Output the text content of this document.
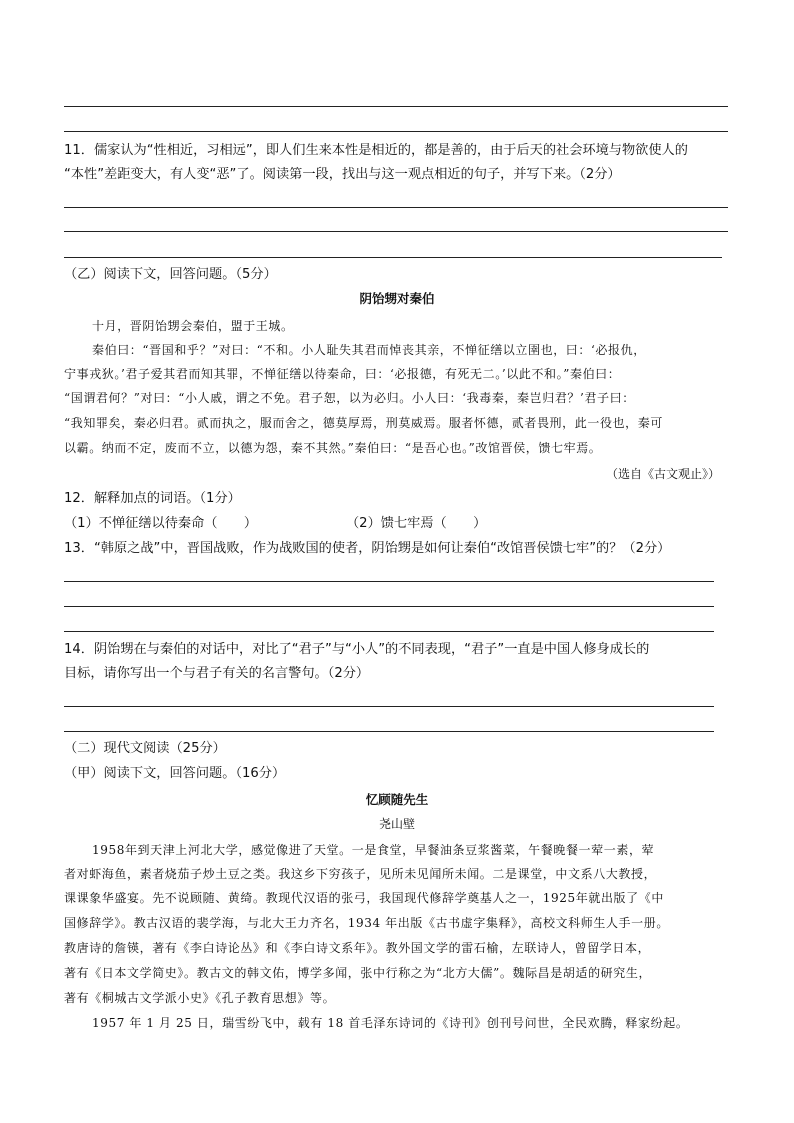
11．儒家认为“性相近，习相远”，即人们生来本性是相近的，都是善的，由于后天的社会环境与物欲使人的
“本性”差距变大，有人变“恶”了。阅读第一段，找出与这一观点相近的句子，并写下来。（2分）
（乙）阅读下文，回答问题。（5分）
阴饴甥对秦伯
十月，晋阴饴甥会秦伯，盟于王城。
秦伯曰：“晋国和乎？”对曰：“不和。小人耻失其君而悼丧其亲，不惮征缮以立圉也，曰：‘必报仇，
宁事戎狄。’君子爱其君而知其罪，不惮征缮以待秦命，曰：‘必报德，有死无二。’以此不和。”秦伯曰：
“国谓君何？”对曰：“小人戚，谓之不免。君子恕，以为必归。小人曰：‘我毒秦，秦岂归君？’君子曰：
“我知罪矣，秦必归君。贰而执之，服而舍之，德莫厚焉，刑莫威焉。服者怀德，贰者畏刑，此一役也，秦可
以霸。纳而不定，废而不立，以德为怨，秦不其然。”秦伯曰：“是吾心也。”改馆晋侯，馈七牢焉。
（选自《古文观止》）
12．解释加点的词语。（1分）
（1）不惮征缮以待秦命（　　）	（2）馈七牢焉（　　）
13．“韩原之战”中，晋国战败，作为战败国的使者，阴饴甥是如何让秦伯“改馆晋侯馈七牢”的？（2分）
14．阴饴甥在与秦伯的对话中，对比了“君子”与“小人”的不同表现，“君子”一直是中国人修身成长的
目标，请你写出一个与君子有关的名言警句。（2分）
（二）现代文阅读（25分）
（甲）阅读下文，回答问题。（16分）
忆顾随先生
尧山壁
1958年到天津上河北大学，感觉像进了天堂。一是食堂，早餐油条豆浆酱菜，午餐晚餐一荤一素，荤
者对虾海鱼，素者烧茄子炒土豆之类。我这乡下穷孩子，见所未见闻所未闻。二是课堂，中文系八大教授，
课课象华盛宴。先不说顾随、黄绮。教现代汉语的张弓，我国现代修辞学奠基人之一，1925年就出版了《中
国修辞学》。教古汉语的裴学海，与北大王力齐名，1934 年出版《古书虚字集释》，高校文科师生人手一册。
教唐诗的詹锳，著有《李白诗论丛》和《李白诗文系年》。教外国文学的雷石榆，左联诗人，曾留学日本，
著有《日本文学简史》。教古文的韩文佑，博学多闻，张中行称之为“北方大儒”。魏际昌是胡适的研究生，
著有《桐城古文学派小史》《孔子教育思想》等。
1957 年 1 月 25 日，瑞雪纷飞中，载有 18 首毛泽东诗词的《诗刊》创刊号问世，全民欢腾，释家纷起。
